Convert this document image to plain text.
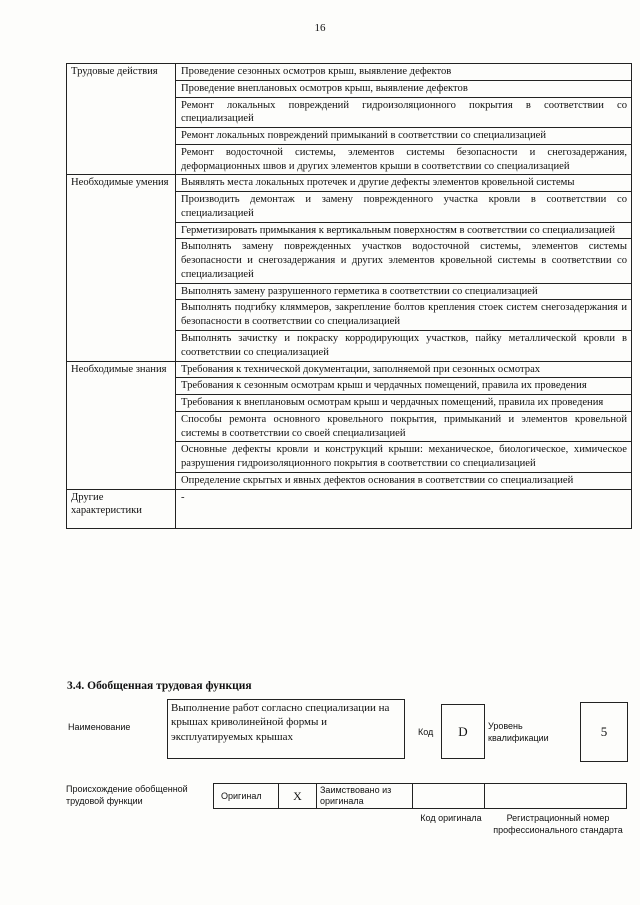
16
Трудовые действия	Проведение сезонных осмотров крыш, выявление дефектов
	Проведение внеплановых осмотров крыш, выявление дефектов
	Ремонт локальных повреждений гидроизоляционного покрытия в соответствии со специализацией
	Ремонт локальных повреждений примыканий в соответствии со специализацией
	Ремонт водосточной системы, элементов системы безопасности и снегозадержания, деформационных швов и других элементов крыши в соответствии со специализацией
Необходимые умения	Выявлять места локальных протечек и другие дефекты элементов кровельной системы
	Производить демонтаж и замену поврежденного участка кровли в соответствии со специализацией
	Герметизировать примыкания к вертикальным поверхностям в соответствии со специализацией
	Выполнять замену поврежденных участков водосточной системы, элементов системы безопасности и снегозадержания и других элементов кровельной системы в соответствии со специализацией
	Выполнять замену разрушенного герметика в соответствии со специализацией
	Выполнять подгибку кляммеров, закрепление болтов крепления стоек систем снегозадержания и безопасности в соответствии со специализацией
	Выполнять зачистку и покраску корродирующих участков, пайку металлической кровли в соответствии со специализацией
Необходимые знания	Требования к технической документации, заполняемой при сезонных осмотрах
	Требования к сезонным осмотрам крыш и чердачных помещений, правила их проведения
	Требования к внеплановым осмотрам крыш и чердачных помещений, правила их проведения
	Способы ремонта основного кровельного покрытия, примыканий и элементов кровельной системы в соответствии со своей специализацией
	Основные дефекты кровли и конструкций крыши: механическое, биологическое, химическое разрушения гидроизоляционного покрытия в соответствии со специализацией
	Определение скрытых и явных дефектов основания в соответствии со специализацией
Другие характеристики	-
3.4. Обобщенная трудовая функция
Наименование
Выполнение работ согласно специализации на крышах криволинейной формы и эксплуатируемых крышах	Код	D	Уровень квалификации	5
Происхождение обобщенной трудовой функции	Оригинал	X	Заимствовано из оригинала
Код оригинала	Регистрационный номер профессионального стандарта
